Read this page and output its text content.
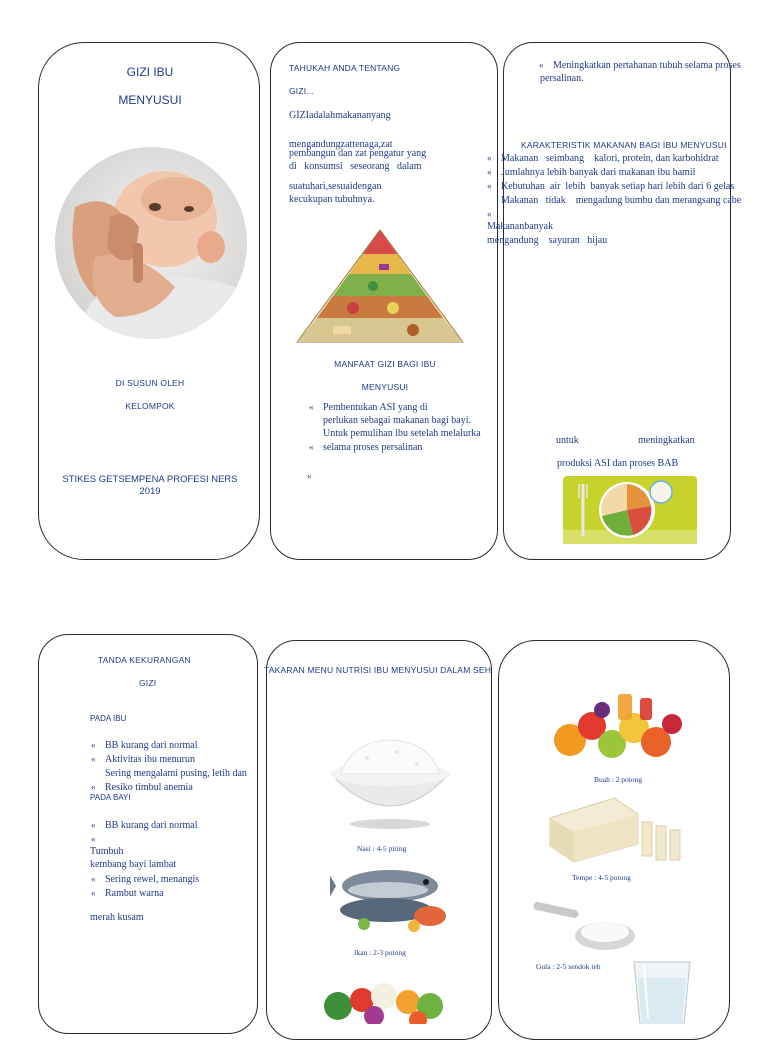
GIZI IBU
MENYUSUI
DI SUSUN OLEH
KELOMPOK
STIKES GETSEMPENA PROFESI NERS
2019
TAHUKAH ANDA TENTANG
GIZI...
GIZIadalahmakananyang
mengandungzattenaga,zat
pembangun dan zat pengatur yang
di   konsumsi   seseorang   dalam
suatuhari,sesuaidengan
kecukupan tubuhnya.
MANFAAT GIZI BAGI IBU
MENYUSUI
« Pembentukan ASI yang di
perlukan sebagai makanan bagi bayi.
Untuk pemulihan ibu setelah melalurka
« selama proses persalinan
«
« Meningkatkan pertahanan tubuh selama proses
persalinan.
KARAKTERISTIK MAKANAN BAGI IBU MENYUSUI
« Makanan   seimbang    kalori, protein, dan karbohidrat
« Jumlahnya lebih banyak dari makanan ibu hamil
« Kebutuhan  air  lebih  banyak setiap hari lebih dari 6 gelas
« Makanan   tidak    mengadung bumbu dan merangsang cabe
«
Makananbanyak
mengandung    sayuran   hijau
untuk	meningkatkan
produksi ASI dan proses BAB
TANDA KEKURANGAN
GIZI
PADA IBU
« BB kurang dari normal
« Aktivitas ibu menurun
« Sering mengalami pusing, letih dan
« Resiko timbul anemia
PADA BAYI
« BB kurang dari normal
«
Tumbuh
kembang bayi lambat
« Sering rewel, menangis
« Rambut warna
merah kusam
TAKARAN MENU NUTRISI IBU MENYUSUI DALAM SEH
Nasi : 4-5 piring
Ikan : 2-3 potong
Buah : 2 potong
Tempe : 4-5 potong
Gula : 2-5 sendok teh
